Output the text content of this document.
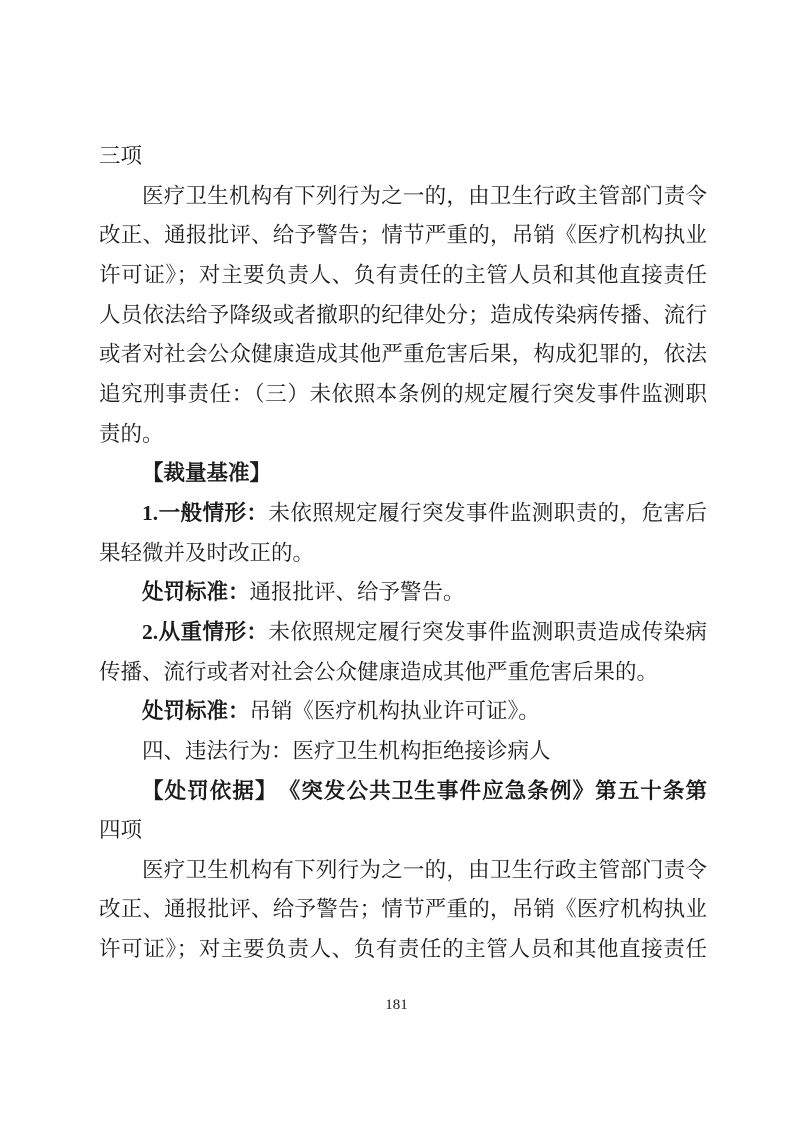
三项
医疗卫生机构有下列行为之一的，由卫生行政主管部门责令
改正、通报批评、给予警告；情节严重的，吊销《医疗机构执业
许可证》；对主要负责人、负有责任的主管人员和其他直接责任
人员依法给予降级或者撤职的纪律处分；造成传染病传播、流行
或者对社会公众健康造成其他严重危害后果，构成犯罪的，依法
追究刑事责任：（三）未依照本条例的规定履行突发事件监测职
责的。
【裁量基准】
1.一般情形：未依照规定履行突发事件监测职责的，危害后
果轻微并及时改正的。
处罚标准：通报批评、给予警告。
2.从重情形：未依照规定履行突发事件监测职责造成传染病
传播、流行或者对社会公众健康造成其他严重危害后果的。
处罚标准：吊销《医疗机构执业许可证》。
四、违法行为：医疗卫生机构拒绝接诊病人
【处罚依据】　《突发公共卫生事件应急条例》第五十条第
四项
医疗卫生机构有下列行为之一的，由卫生行政主管部门责令
改正、通报批评、给予警告；情节严重的，吊销《医疗机构执业
许可证》；对主要负责人、负有责任的主管人员和其他直接责任
181
